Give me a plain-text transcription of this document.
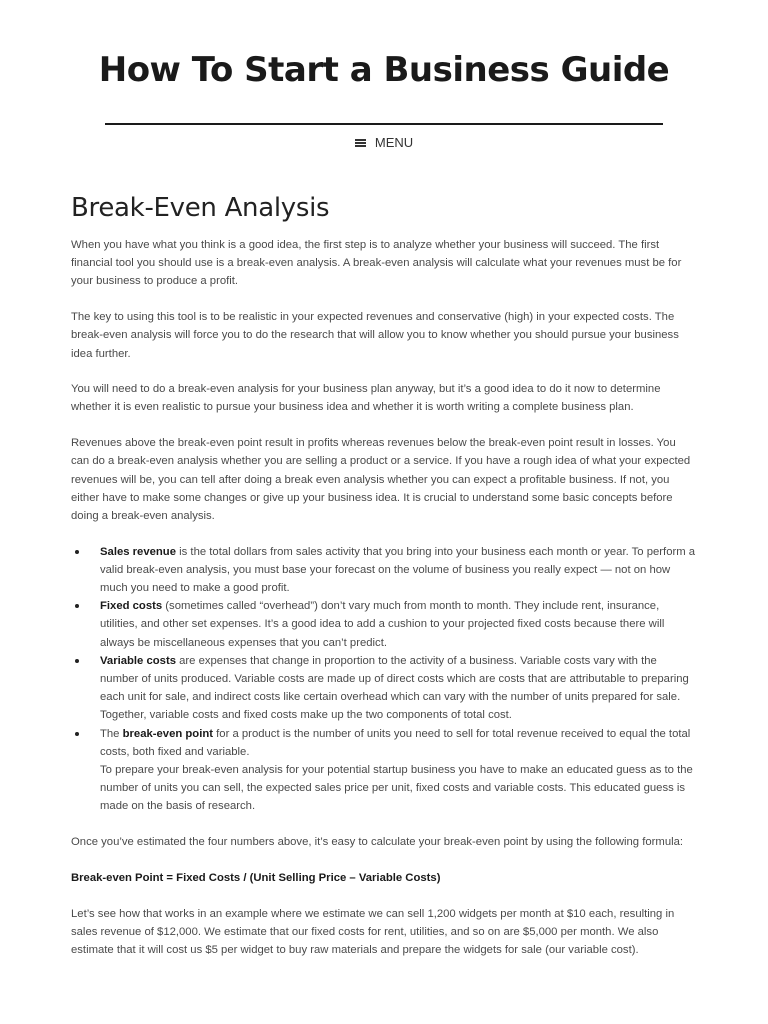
How To Start a Business Guide
MENU
Break-Even Analysis

When you have what you think is a good idea, the first step is to analyze whether your business will succeed. The first financial tool you should use is a break-even analysis. A break-even analysis will calculate what your revenues must be for your business to produce a profit.

The key to using this tool is to be realistic in your expected revenues and conservative (high) in your expected costs. The break-even analysis will force you to do the research that will allow you to know whether you should pursue your business idea further.

You will need to do a break-even analysis for your business plan anyway, but it’s a good idea to do it now to determine whether it is even realistic to pursue your business idea and whether it is worth writing a complete business plan.

Revenues above the break-even point result in profits whereas revenues below the break-even point result in losses. You can do a break-even analysis whether you are selling a product or a service. If you have a rough idea of what your expected revenues will be, you can tell after doing a break even analysis whether you can expect a profitable business. If not, you either have to make some changes or give up your business idea. It is crucial to understand some basic concepts before doing a break-even analysis.

Sales revenue is the total dollars from sales activity that you bring into your business each month or year. To perform a valid break-even analysis, you must base your forecast on the volume of business you really expect — not on how much you need to make a good profit.
Fixed costs (sometimes called “overhead”) don’t vary much from month to month. They include rent, insurance, utilities, and other set expenses. It’s a good idea to add a cushion to your projected fixed costs because there will always be miscellaneous expenses that you can’t predict.
Variable costs are expenses that change in proportion to the activity of a business. Variable costs vary with the number of units produced. Variable costs are made up of direct costs which are costs that are attributable to preparing each unit for sale, and indirect costs like certain overhead which can vary with the number of units prepared for sale. Together, variable costs and fixed costs make up the two components of total cost.
The break-even point for a product is the number of units you need to sell for total revenue received to equal the total costs, both fixed and variable.
To prepare your break-even analysis for your potential startup business you have to make an educated guess as to the number of units you can sell, the expected sales price per unit, fixed costs and variable costs. This educated guess is made on the basis of research.

Once you’ve estimated the four numbers above, it’s easy to calculate your break-even point by using the following formula:

Break-even Point = Fixed Costs / (Unit Selling Price – Variable Costs)

Let’s see how that works in an example where we estimate we can sell 1,200 widgets per month at $10 each, resulting in sales revenue of $12,000. We estimate that our fixed costs for rent, utilities, and so on are $5,000 per month. We also estimate that it will cost us $5 per widget to buy raw materials and prepare the widgets for sale (our variable cost).
